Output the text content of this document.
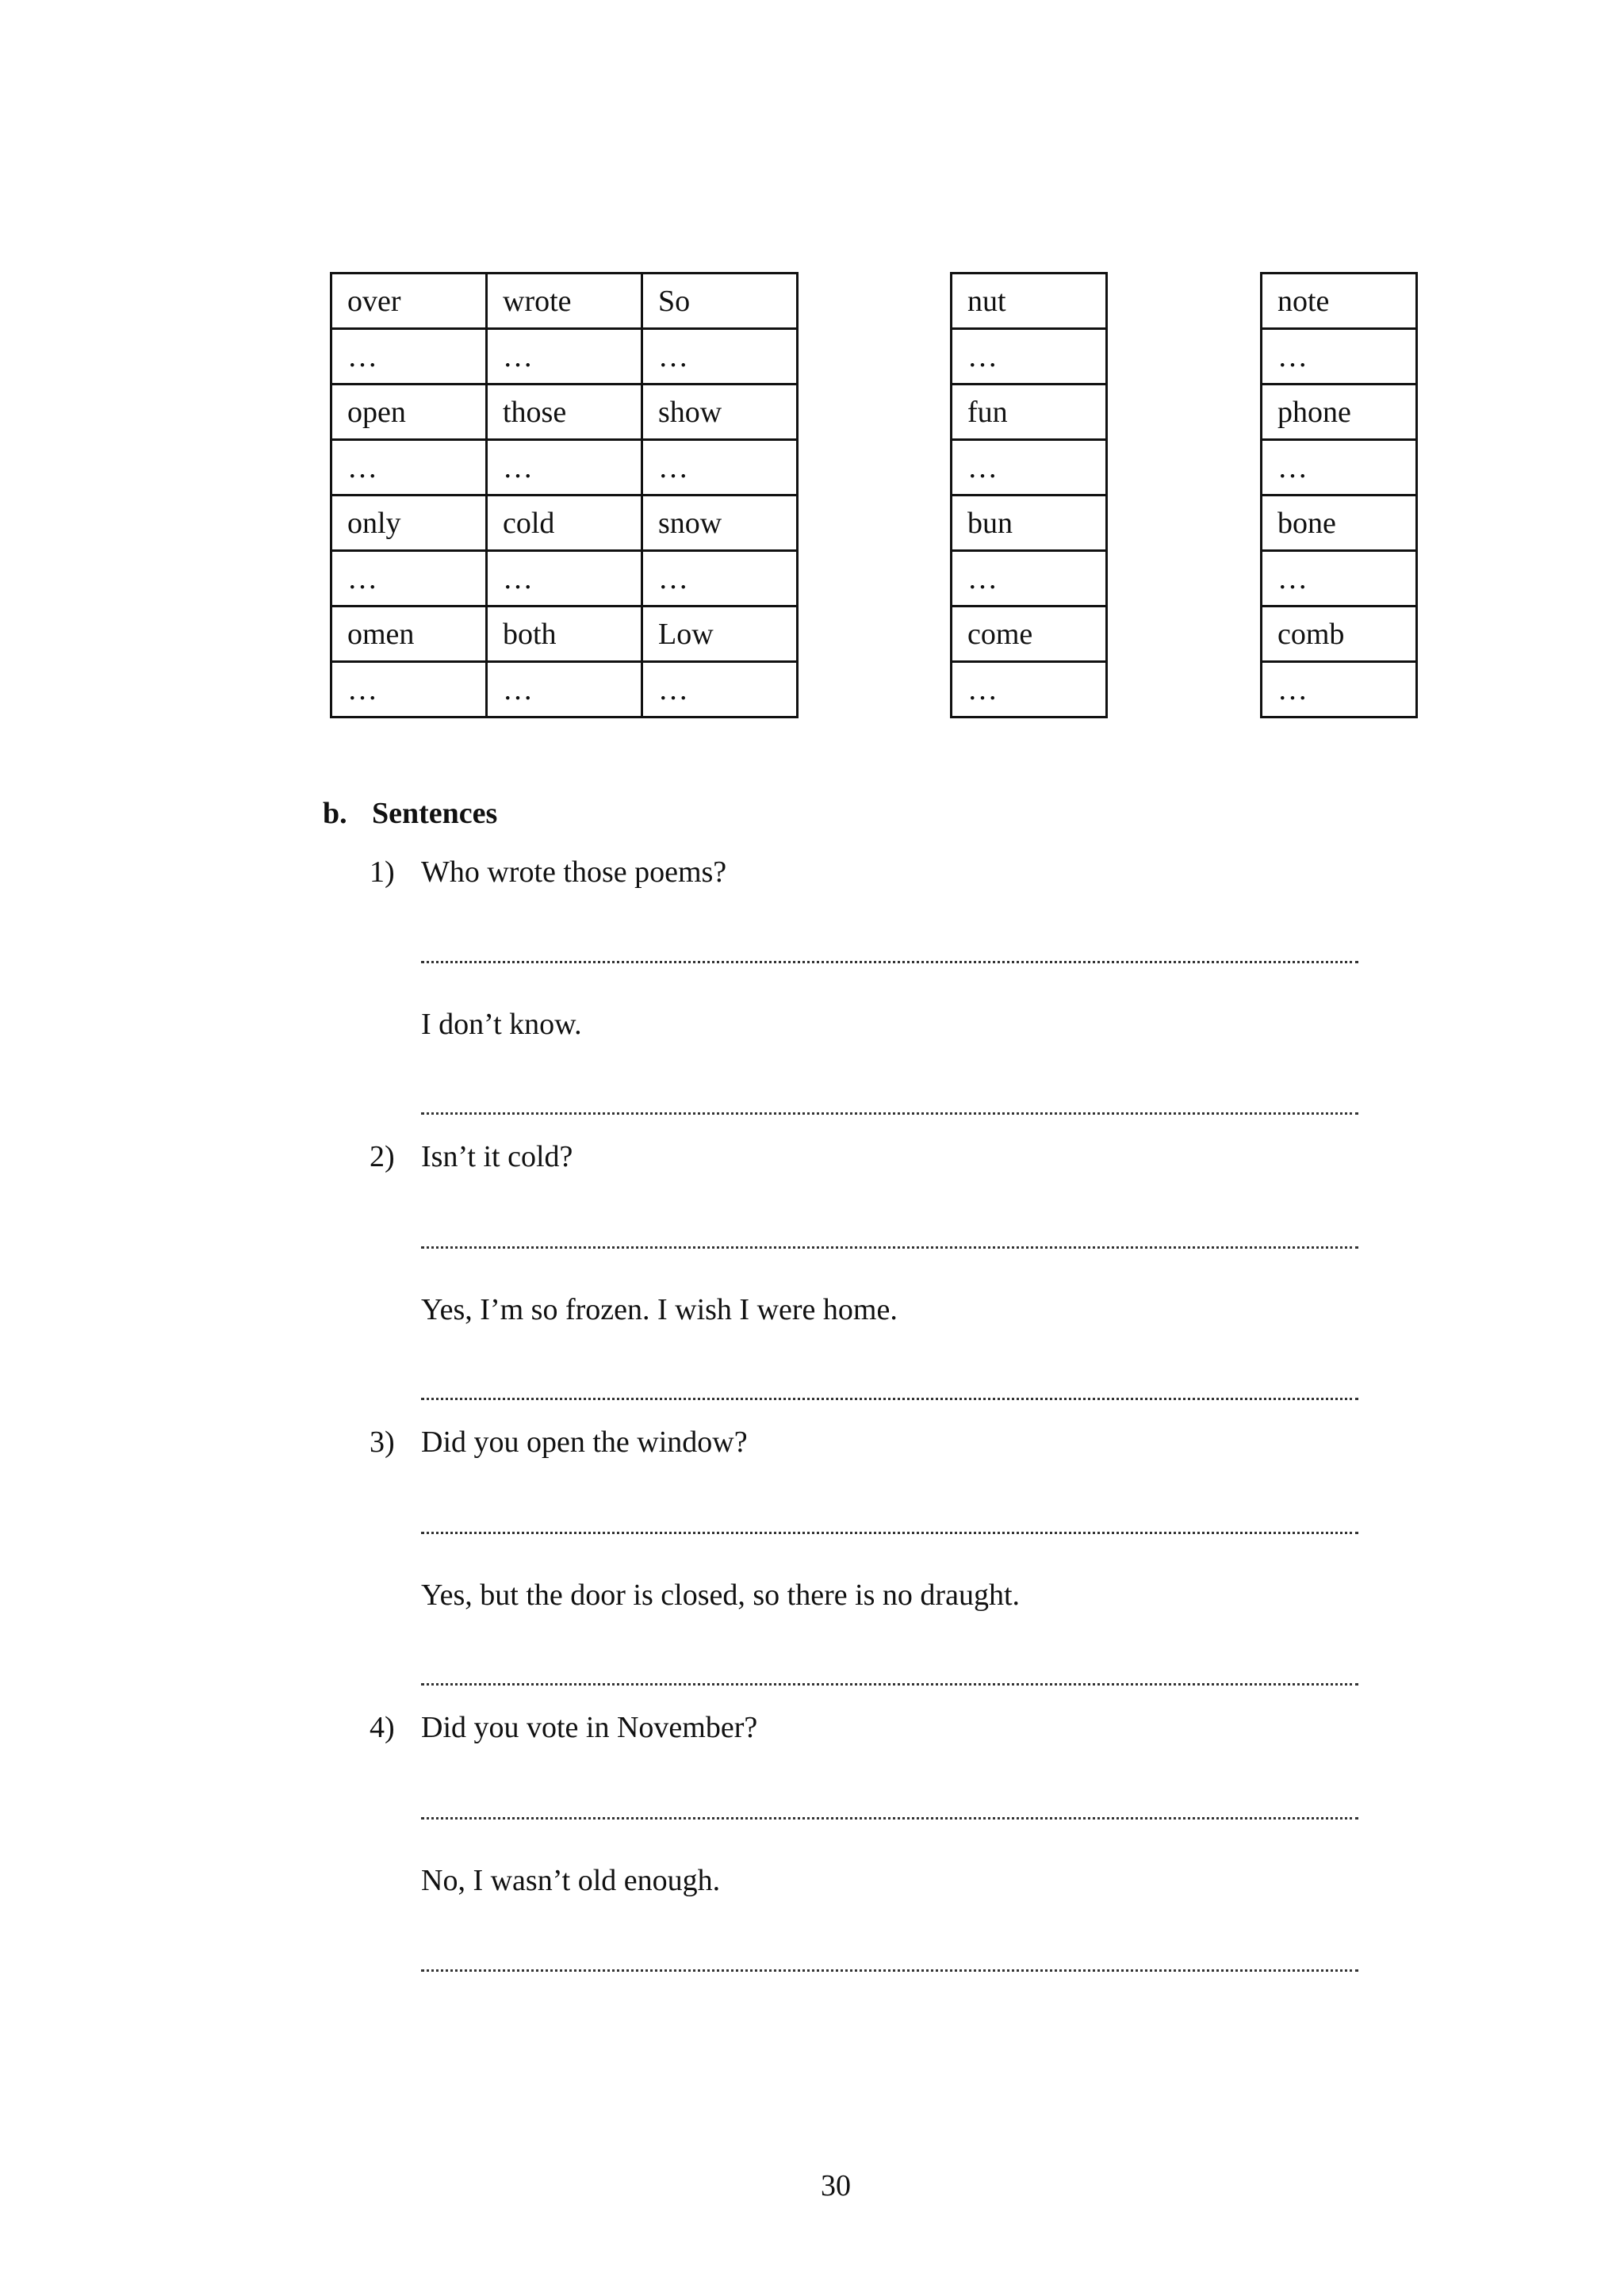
over	wrote	So
…	…	…
open	those	show
…	…	…
only	cold	snow
…	…	…
omen	both	Low
…	…	…
nut
…
fun
…
bun
…
come
…
note
…
phone
…
bone
…
comb
…
b. Sentences
1) Who wrote those poems?
I don’t know.
2) Isn’t it cold?
Yes, I’m so frozen. I wish I were home.
3) Did you open the window?
Yes, but the door is closed, so there is no draught.
4) Did you vote in November?
No, I wasn’t old enough.
30
